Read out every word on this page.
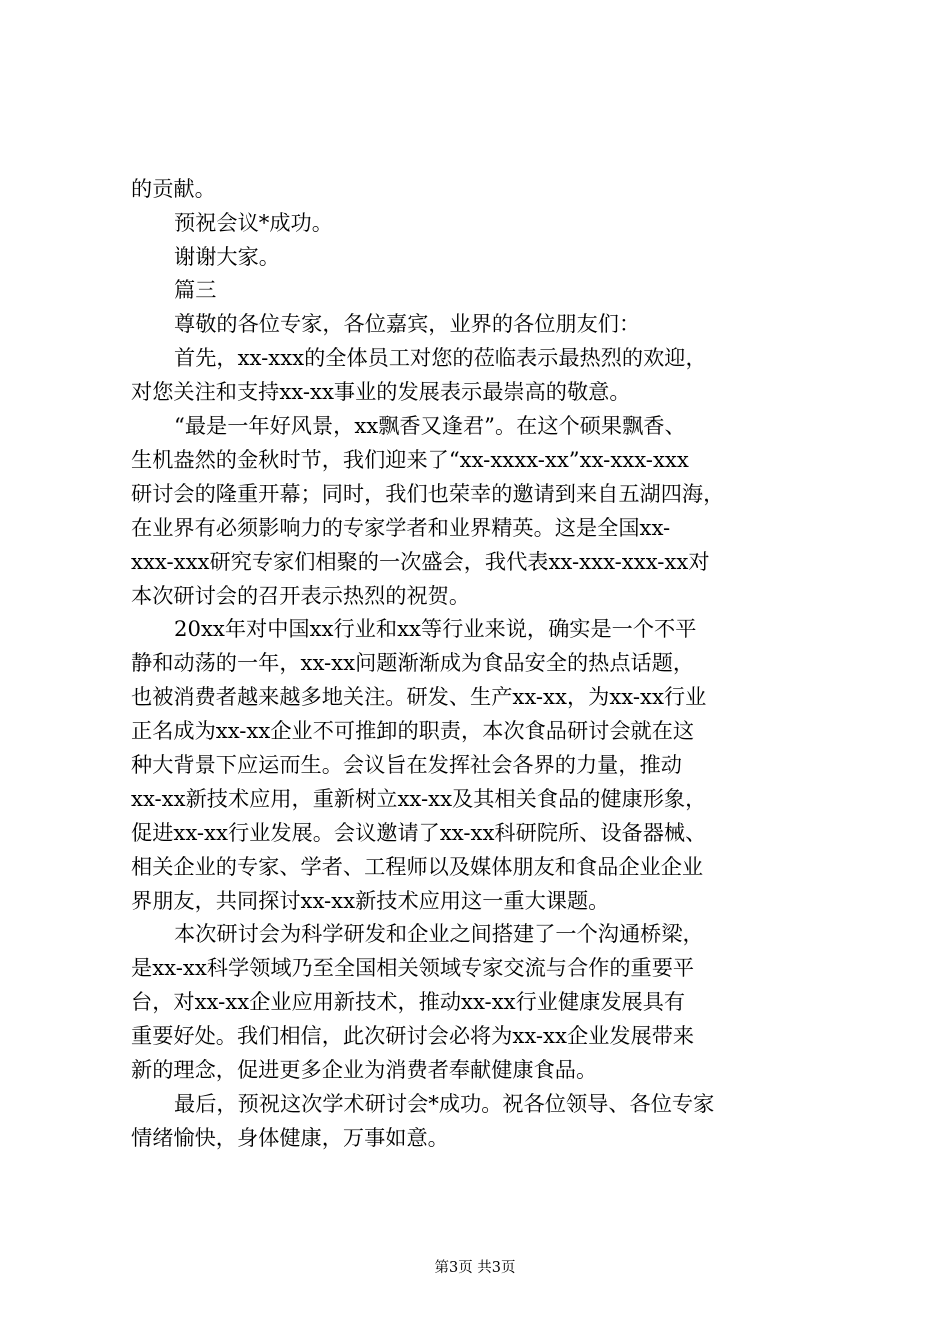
的贡献。
预祝会议*成功。
谢谢大家。
篇三
尊敬的各位专家，各位嘉宾，业界的各位朋友们：
首先，xx-xxx的全体员工对您的莅临表示最热烈的欢迎，
对您关注和支持xx-xx事业的发展表示最崇高的敬意。
“最是一年好风景，xx飘香又逢君”。在这个硕果飘香、
生机盎然的金秋时节，我们迎来了“xx-xxxx-xx”xx-xxx-xxx
研讨会的隆重开幕；同时，我们也荣幸的邀请到来自五湖四海，
在业界有必须影响力的专家学者和业界精英。这是全国xx-
xxx-xxx研究专家们相聚的一次盛会，我代表xx-xxx-xxx-xx对
本次研讨会的召开表示热烈的祝贺。
20xx年对中国xx行业和xx等行业来说，确实是一个不平
静和动荡的一年，xx-xx问题渐渐成为食品安全的热点话题，
也被消费者越来越多地关注。研发、生产xx-xx，为xx-xx行业
正名成为xx-xx企业不可推卸的职责，本次食品研讨会就在这
种大背景下应运而生。会议旨在发挥社会各界的力量，推动
xx-xx新技术应用，重新树立xx-xx及其相关食品的健康形象，
促进xx-xx行业发展。会议邀请了xx-xx科研院所、设备器械、
相关企业的专家、学者、工程师以及媒体朋友和食品企业企业
界朋友，共同探讨xx-xx新技术应用这一重大课题。
本次研讨会为科学研发和企业之间搭建了一个沟通桥梁，
是xx-xx科学领域乃至全国相关领域专家交流与合作的重要平
台，对xx-xx企业应用新技术，推动xx-xx行业健康发展具有
重要好处。我们相信，此次研讨会必将为xx-xx企业发展带来
新的理念，促进更多企业为消费者奉献健康食品。
最后，预祝这次学术研讨会*成功。祝各位领导、各位专家
情绪愉快，身体健康，万事如意。
第3页 共3页
